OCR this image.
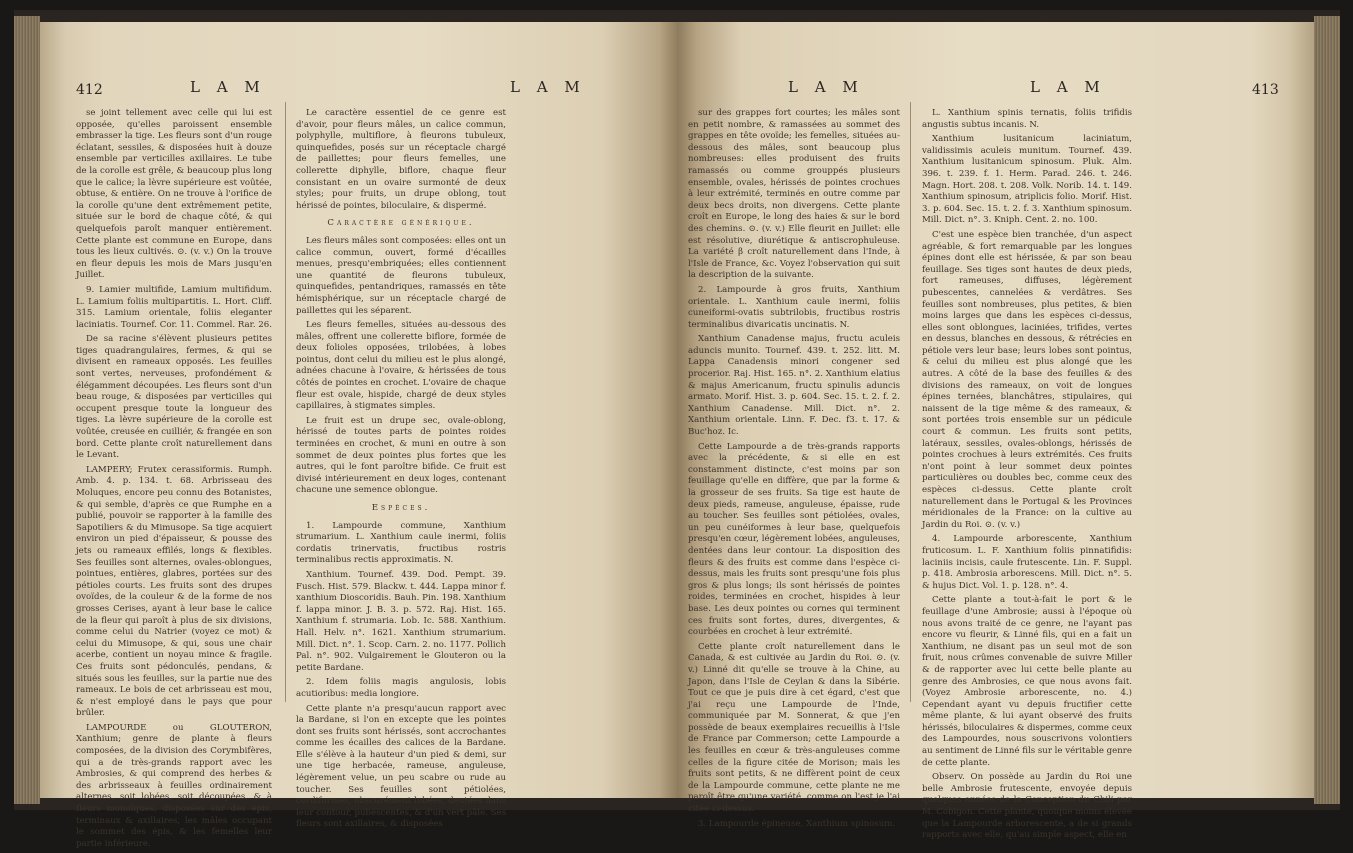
412	L A M	L A M

se joint tellement avec celle qui lui est opposée, qu'elles paroissent ensemble embrasser la tige. Les fleurs sont d'un rouge éclatant, sessiles, & disposées huit à douze ensemble par verticilles axillaires. Le tube de la corolle est grêle, & beaucoup plus long que le calice; la lèvre supérieure est voûtée, obtuse, & entière. On ne trouve à l'orifice de la corolle qu'une dent extrêmement petite, située sur le bord de chaque côté, & qui quelquefois paroît manquer entièrement. Cette plante est commune en Europe, dans tous les lieux cultivés. ⊙. (v. v.) On la trouve en fleur depuis les mois de Mars jusqu'en Juillet.

9. Lamier multifide, Lamium multifidum. L. Lamium foliis multipartitis. L. Hort. Cliff. 315. Lamium orientale, foliis eleganter laciniatis. Tournef. Cor. 11. Commel. Rar. 26.

De sa racine s'élèvent plusieurs petites tiges quadrangulaires, fermes, & qui se divisent en rameaux opposés. Les feuilles sont vertes, nerveuses, profondément & élégamment découpées. Les fleurs sont d'un beau rouge, & disposées par verticilles qui occupent presque toute la longueur des tiges. La lèvre supérieure de la corolle est voûtée, creusée en cuilliér, & frangée en son bord. Cette plante croît naturellement dans le Levant.

LAMPERY; Frutex cerassiformis. Rumph. Amb. 4. p. 134. t. 68. Arbrisseau des Moluques, encore peu connu des Botanistes, & qui semble, d'après ce que Rumphe en a publié, pouvoir se rapporter à la famille des Sapotiliers & du Mimusope. Sa tige acquiert environ un pied d'épaisseur, & pousse des jets ou rameaux effilés, longs & flexibles. Ses feuilles sont alternes, ovales-oblongues, pointues, entières, glabres, portées sur des pétioles courts. Les fruits sont des drupes ovoïdes, de la couleur & de la forme de nos grosses Cerises, ayant à leur base le calice de la fleur qui paroît à plus de six divisions, comme celui du Natrier (voyez ce mot) & celui du Mimusope, & qui, sous une chair acerbe, contient un noyau mince & fragile. Ces fruits sont pédonculés, pendans, & situés sous les feuilles, sur la partie nue des rameaux. Le bois de cet arbrisseau est mou, & n'est employé dans le pays que pour brûler.

LAMPOURDE ou GLOUTERON, Xanthium; genre de plante à fleurs composées, de la division des Corymbifères, qui a de très-grands rapport avec les Ambrosies, & qui comprend des herbes & des arbrisseaux à feuilles ordinairement alternes, soit lobées, soit découpées, & à fleurs monoïques, disposées sur des épis, terminaux & axillaires, les mâles occupant le sommet des épis, & les femelles leur partie inférieure.

Le caractère essentiel de ce genre est d'avoir, pour fleurs mâles, un calice commun, polyphylle, multiflore, à fleurons tubuleux, quinquefides, posés sur un réceptacle chargé de paillettes; pour fleurs femelles, une collerette diphylle, biflore, chaque fleur consistant en un ovaire surmonté de deux styles; pour fruits, un drupe oblong, tout hérissé de pointes, biloculaire, & dispermé.

Caractère générique.

Les fleurs mâles sont composées: elles ont un calice commun, ouvert, formé d'écailles menues, presqu'embriquées; elles contiennent une quantité de fleurons tubuleux, quinquefides, pentandriques, ramassés en tête hémisphérique, sur un réceptacle chargé de paillettes qui les séparent.

Les fleurs femelles, situées au-dessous des mâles, offrent une collerette biflore, formée de deux folioles opposées, trilobées, à lobes pointus, dont celui du milieu est le plus alongé, adnées chacune à l'ovaire, & hérissées de tous côtés de pointes en crochet. L'ovaire de chaque fleur est ovale, hispide, chargé de deux styles capillaires, à stigmates simples.

Le fruit est un drupe sec, ovale-oblong, hérissé de toutes parts de pointes roides terminées en crochet, & muni en outre à son sommet de deux pointes plus fortes que les autres, qui le font paroître bifide. Ce fruit est divisé intérieurement en deux loges, contenant chacune une semence oblongue.

Espèces.

1. Lampourde commune, Xanthium strumarium. L. Xanthium caule inermi, foliis cordatis trinervatis, fructibus rostris terminalibus rectis approximatis. N.

Xanthium. Tournef. 439. Dod. Pempt. 39. Fusch. Hist. 579. Blackw. t. 444. Lappa minor f. xanthium Dioscoridis. Bauh. Pin. 198. Xanthium f. lappa minor. J. B. 3. p. 572. Raj. Hist. 165. Xanthium f. strumaria. Lob. Ic. 588. Xanthium. Hall. Helv. n°. 1621. Xanthium strumarium. Mill. Dict. n°. 1. Scop. Carn. 2. no. 1177. Pollich Pal. n°. 902. Vulgairement le Glouteron ou la petite Bardane.

2. Idem foliis magis angulosis, lobis acutioribus: media longiore.

Cette plante n'a presqu'aucun rapport avec la Bardane, si l'on en excepte que les pointes dont ses fruits sont hérissés, sont accrochantes comme les écailles des calices de la Bardane. Elle s'élève à la hauteur d'un pied & demi, sur une tige herbacée, rameuse, anguleuse, légèrement velue, un peu scabre ou rude au toucher. Ses feuilles sont pétiolées, cordiformes, obscurément lobées, dentées dans leur contour, pubescentes, & d'un vert pâle. Ses fleurs sont axillaires, & disposées

L A M	L A M	413

sur des grappes fort courtes; les mâles sont en petit nombre, & ramassées au sommet des grappes en tête ovoïde; les femelles, situées au-dessous des mâles, sont beaucoup plus nombreuses: elles produisent des fruits ramassés ou comme grouppés plusieurs ensemble, ovales, hérissés de pointes crochues à leur extrémité, terminés en outre comme par deux becs droits, non divergens. Cette plante croît en Europe, le long des haies & sur le bord des chemins. ⊙. (v. v.) Elle fleurit en Juillet: elle est résolutive, diurétique & antiscrophuleuse. La variété β croît naturellement dans l'Inde, à l'Isle de France, &c. Voyez l'observation qui suit la description de la suivante.

2. Lampourde à gros fruits, Xanthium orientale. L. Xanthium caule inermi, foliis cuneiformi-ovatis subtrilobis, fructibus rostris terminalibus divaricatis uncinatis. N.

Xanthium Canadense majus, fructu aculeis aduncis munito. Tournef. 439. t. 252. litt. M. Lappa Canadensis minori congener sed procerior. Raj. Hist. 165. n°. 2. Xanthium elatius & majus Americanum, fructu spinulis aduncis armato. Morif. Hist. 3. p. 604. Sec. 15. t. 2. f. 2. Xanthium Canadense. Mill. Dict. n°. 2. Xanthium orientale. Linn. F. Dec. f3. t. 17. & Buc'hoz. Ic.

Cette Lampourde a de très-grands rapports avec la précédente, & si elle en est constamment distincte, c'est moins par son feuillage qu'elle en diffère, que par la forme & la grosseur de ses fruits. Sa tige est haute de deux pieds, rameuse, anguleuse, épaisse, rude au toucher. Ses feuilles sont pétiolées, ovales, un peu cunéiformes à leur base, quelquefois presqu'en cœur, légèrement lobées, anguleuses, dentées dans leur contour. La disposition des fleurs & des fruits est comme dans l'espèce ci-dessus, mais les fruits sont presqu'une fois plus gros & plus longs; ils sont hérissés de pointes roides, terminées en crochet, hispides à leur base. Les deux pointes ou cornes qui terminent ces fruits sont fortes, dures, divergentes, & courbées en crochet à leur extrémité.

Cette plante croît naturellement dans le Canada, & est cultivée au Jardin du Roi. ⊙. (v. v.) Linné dit qu'elle se trouve à la Chine, au Japon, dans l'Isle de Ceylan & dans la Sibérie. Tout ce que je puis dire à cet égard, c'est que j'ai reçu une Lampourde de l'Inde, communiquée par M. Sonnerat, & que j'en possède de beaux exemplaires recueillis à l'Isle de France par Commerson; cette Lampourde a les feuilles en cœur & très-anguleuses comme celles de la figure citée de Morison; mais les fruits sont petits, & ne diffèrent point de ceux de la Lampourde commune, cette plante ne me paroît être qu'une variété, comme on l'est je l'ai citée ci-dessus.

3. Lampourde épineuse, Xanthium spinosum.

L. Xanthium spinis ternatis, foliis trifidis angustis subtus incanis. N.

Xanthium lusitanicum laciniatum, validissimis aculeis munitum. Tournef. 439. Xanthium lusitanicum spinosum. Pluk. Alm. 396. t. 239. f. 1. Herm. Parad. 246. t. 246. Magn. Hort. 208. t. 208. Volk. Norib. 14. t. 149. Xanthium spinosum, atriplicis folio. Morif. Hist. 3. p. 604. Sec. 15. t. 2. f. 3. Xanthium spinosum. Mill. Dict. n°. 3. Kniph. Cent. 2. no. 100.

C'est une espèce bien tranchée, d'un aspect agréable, & fort remarquable par les longues épines dont elle est hérissée, & par son beau feuillage. Ses tiges sont hautes de deux pieds, fort rameuses, diffuses, légèrement pubescentes, cannelées & verdâtres. Ses feuilles sont nombreuses, plus petites, & bien moins larges que dans les espèces ci-dessus, elles sont oblongues, laciniées, trifides, vertes en dessus, blanches en dessous, & rétrécies en pétiole vers leur base; leurs lobes sont pointus, & celui du milieu est plus alongé que les autres. A côté de la base des feuilles & des divisions des rameaux, on voit de longues épines ternées, blanchâtres, stipulaires, qui naissent de la tige même & des rameaux, & sont portées trois ensemble sur un pédicule court & commun. Les fruits sont petits, latéraux, sessiles, ovales-oblongs, hérissés de pointes crochues à leurs extrémités. Ces fruits n'ont point à leur sommet deux pointes particulières ou doubles bec, comme ceux des espèces ci-dessus. Cette plante croît naturellement dans le Portugal & les Provinces méridionales de la France: on la cultive au Jardin du Roi. ⊙. (v. v.)

4. Lampourde arborescente, Xanthium fruticosum. L. F. Xanthium foliis pinnatifidis: laciniis incisis, caule frutescente. Lin. F. Suppl. p. 418. Ambrosia arborescens. Mill. Dict. n°. 5. & hujus Dict. Vol. 1. p. 128. n°. 4.

Cette plante a tout-à-fait le port & le feuillage d'une Ambrosie; aussi à l'époque où nous avons traité de ce genre, ne l'ayant pas encore vu fleurir, & Linné fils, qui en a fait un Xanthium, ne disant pas un seul mot de son fruit, nous crûmes convenable de suivre Miller & de rapporter avec lui cette belle plante au genre des Ambrosies, ce que nous avons fait. (Voyez Ambrosie arborescente, no. 4.) Cependant ayant vu depuis fructifier cette même plante, & lui ayant observé des fruits hérissés, biloculaires & dispermes, comme ceux des Lampourdes, nous souscrivons volontiers au sentiment de Linné fils sur le véritable genre de cette plante.

Observ. On possède au Jardin du Roi une belle Ambrosie frutescente, envoyée depuis quelques années de la Conception du Chili par M. Cobigon. Cette plante, quoique moins élevée que la Lampourde arborescente, a de si grands rapports avec elle, qu'au simple aspect, elle en
